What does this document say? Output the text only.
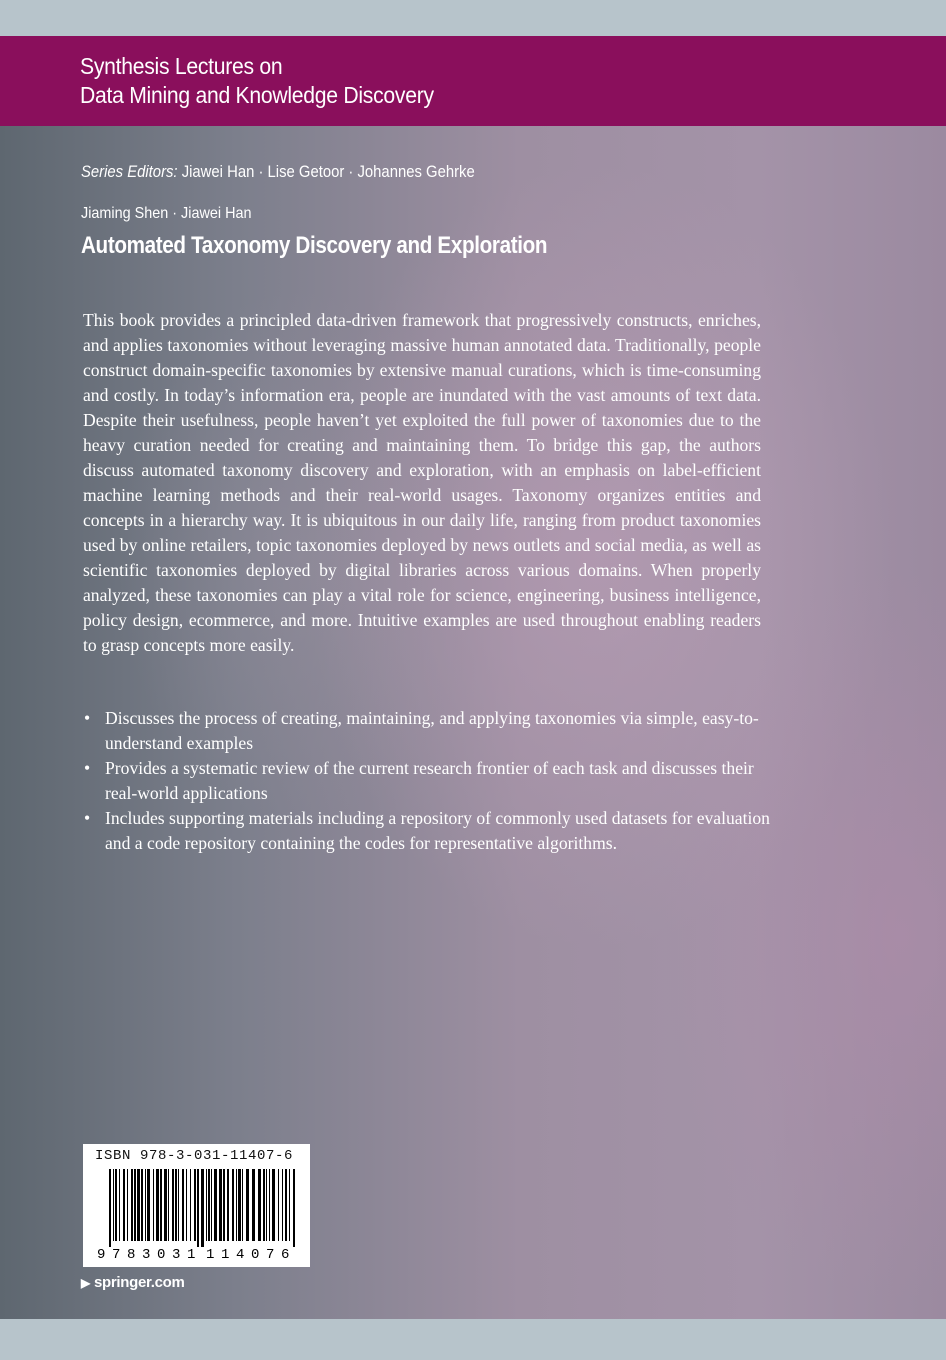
Synthesis Lectures on
Data Mining and Knowledge Discovery
Series Editors: Jiawei Han · Lise Getoor · Johannes Gehrke
Jiaming Shen · Jiawei Han
Automated Taxonomy Discovery and Exploration

This book provides a principled data-driven framework that progressively constructs, enriches, and applies taxonomies without leveraging massive human annotated data. Traditionally, people construct domain-specific taxonomies by extensive manual curations, which is time-consuming and costly. In today’s information era, people are inundated with the vast amounts of text data. Despite their usefulness, people haven’t yet exploited the full power of taxonomies due to the heavy curation needed for creating and maintaining them. To bridge this gap, the authors discuss automated taxonomy discovery and exploration, with an emphasis on label-efficient machine learning methods and their real-world usages. Taxonomy organizes entities and concepts in a hierarchy way. It is ubiquitous in our daily life, ranging from product taxonomies used by online retailers, topic taxonomies deployed by news outlets and social media, as well as scientific taxonomies deployed by digital libraries across various domains. When properly analyzed, these taxonomies can play a vital role for science, engineering, business intelligence, policy design, ecommerce, and more. Intuitive examples are used throughout enabling readers to grasp concepts more easily.

• Discusses the process of creating, maintaining, and applying taxonomies via simple, easy-to-understand examples
• Provides a systematic review of the current research frontier of each task and discusses their real-world applications
• Includes supporting materials including a repository of commonly used datasets for evaluation and a code repository containing the codes for representative algorithms.
ISBN 978-3-031-11407-6
9 7 8 3 0 3 1 1 1 4 0 7 6
▶ springer.com
